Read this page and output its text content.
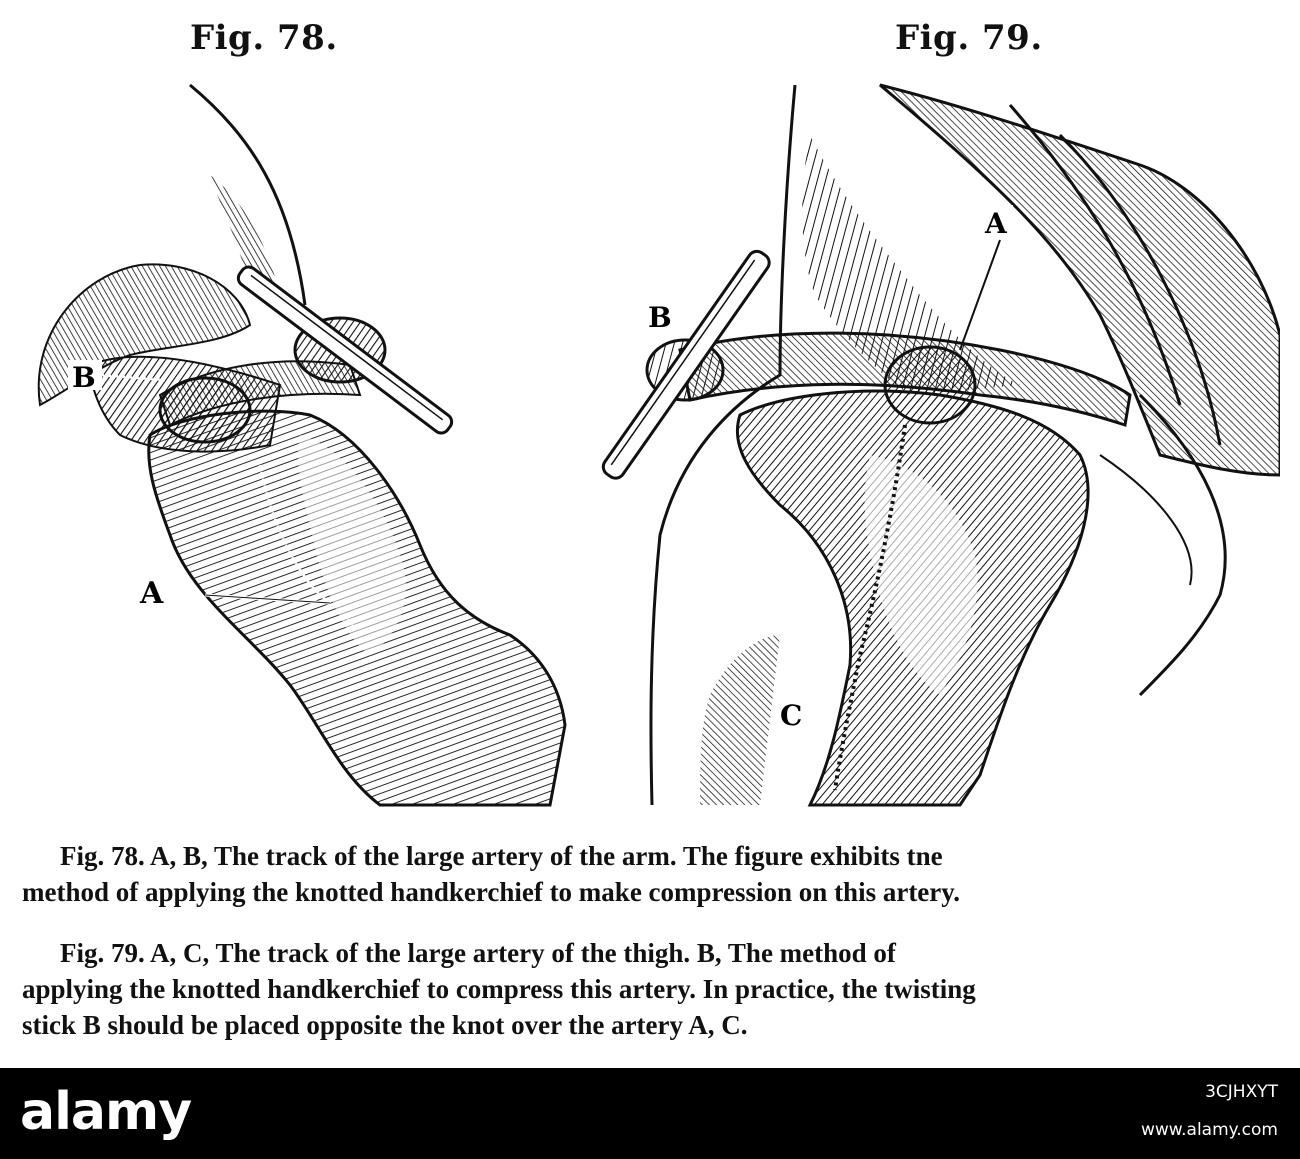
Fig. 78.	Fig. 79.
B
A
A
B
C
Fig. 78. A, B, The track of the large artery of the arm. The figure exhibits tne
method of applying the knotted handkerchief to make compression on this artery.
Fig. 79. A, C, The track of the large artery of the thigh. B, The method of
applying the knotted handkerchief to compress this artery. In practice, the twisting
stick B should be placed opposite the knot over the artery A, C.
alamy	3CJHXYT
www.alamy.com
